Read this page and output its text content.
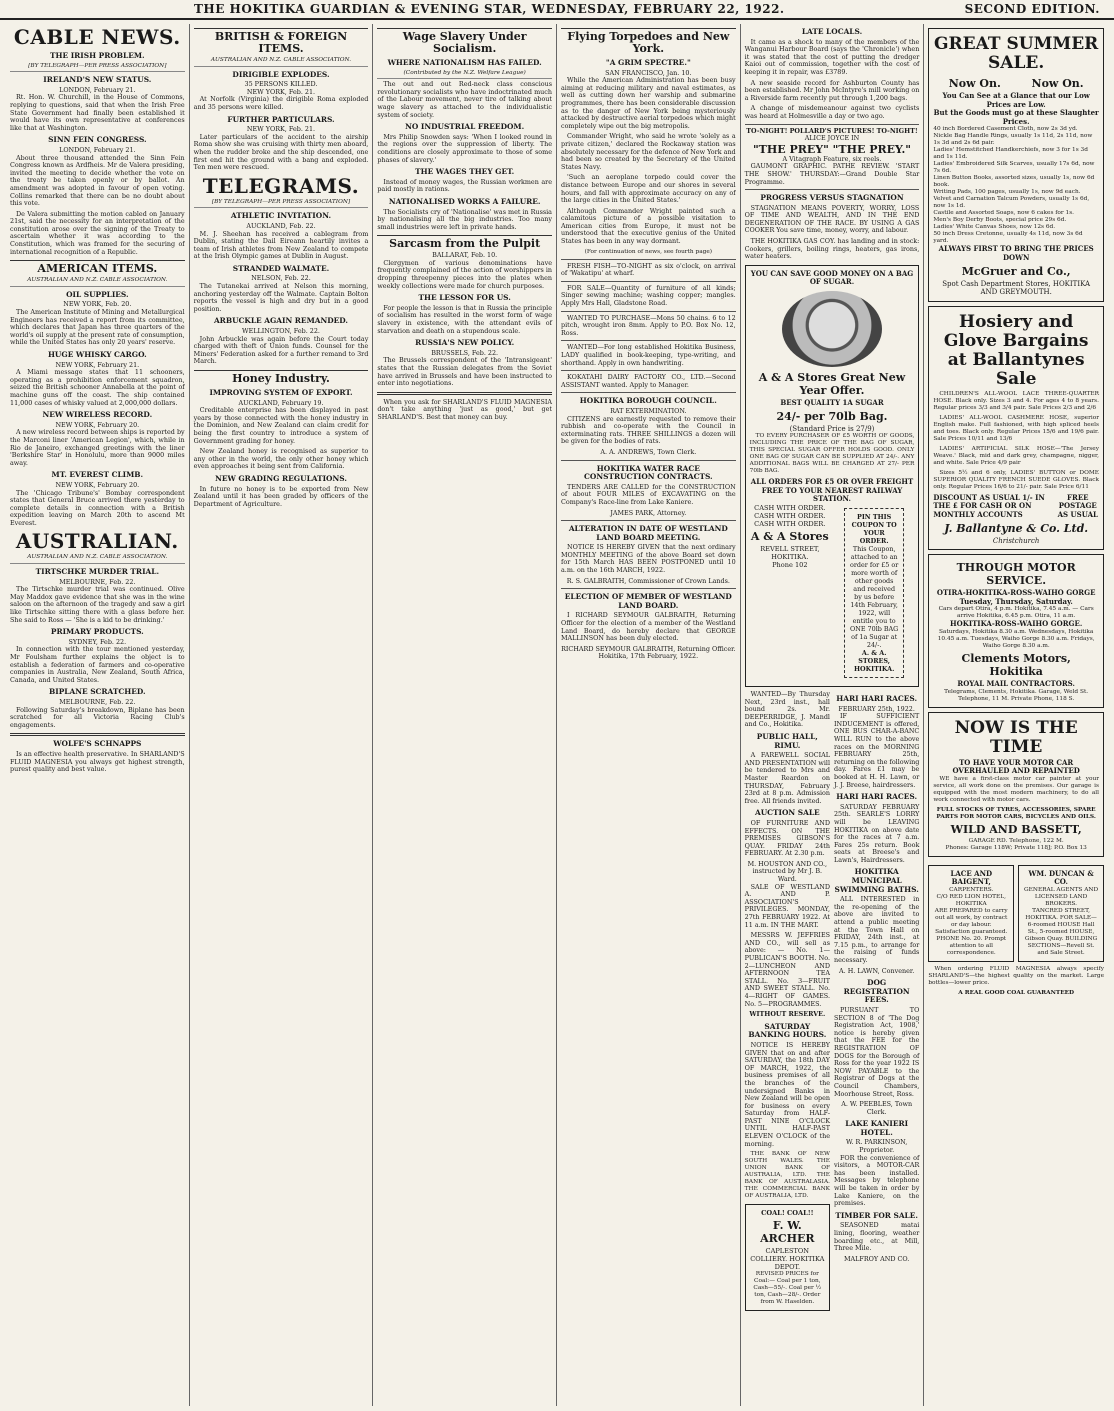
THE HOKITIKA GUARDIAN & EVENING STAR, WEDNESDAY, FEBRUARY 22, 1922.	SECOND EDITION.
CABLE NEWS.
THE IRISH PROBLEM.
[BY TELEGRAPH—PER PRESS ASSOCIATION]
IRELAND'S NEW STATUS.
LONDON, February 21.

Rt. Hon. W. Churchill, in the House of Commons, replying to questions, said that when the Irish Free State Government had finally been established it would have its own representative at conferences like that at Washington.

SINN FEIN CONGRESS.
LONDON, February 21.

About three thousand attended the Sinn Fein Congress known as Ardfheis. Mr de Valera presiding, invited the meeting to decide whether the vote on the treaty be taken openly or by ballot. An amendment was adopted in favour of open voting. Collins remarked that there can be no doubt about this vote.

De Valera submitting the motion cabled on January 21st, said the necessity for an interpretation of the constitution arose over the signing of the Treaty to ascertain whether it was according to the Constitution, which was framed for the securing of international recognition of a Republic.

AMERICAN ITEMS.
AUSTRALIAN AND N.Z. CABLE ASSOCIATION.
OIL SUPPLIES.
NEW YORK, Feb. 20.

The American Institute of Mining and Metallurgical Engineers has received a report from its committee, which declares that Japan has three quarters of the world's oil supply at the present rate of consumption, while the United States has only 20 years' reserve.

HUGE WHISKY CARGO.
NEW YORK, February 21.

A Miami message states that 11 schooners, operating as a prohibition enforcement squadron, seized the British schooner Annabella at the point of machine guns off the coast. The ship contained 11,000 cases of whisky valued at 2,000,000 dollars.

NEW WIRELESS RECORD.
NEW YORK, February 20.

A new wireless record between ships is reported by the Marconi liner 'American Legion', which, while in Rio de Janeiro, exchanged greetings with the liner 'Berkshire Star' in Honolulu, more than 9000 miles away.

MT. EVEREST CLIMB.
NEW YORK, February 20.

The 'Chicago Tribune's' Bombay correspondent states that General Bruce arrived there yesterday to complete details in connection with a British expedition leaving on March 20th to ascend Mt Everest.

AUSTRALIAN.
AUSTRALIAN AND N.Z. CABLE ASSOCIATION.
TIRTSCHKE MURDER TRIAL.
MELBOURNE, Feb. 22.

The Tirtschke murder trial was continued. Olive May Maddox gave evidence that she was in the wine saloon on the afternoon of the tragedy and saw a girl like Tirtschke sitting there with a glass before her. She said to Ross — 'She is a kid to be drinking.'

PRIMARY PRODUCTS.
SYDNEY, Feb. 22.

In connection with the tour mentioned yesterday, Mr Foulsham further explains the object is to establish a federation of farmers and co-operative companies in Australia, New Zealand, South Africa, Canada, and United States.

BIPLANE SCRATCHED.
MELBOURNE, Feb. 22.

Following Saturday's breakdown, Biplane has been scratched for all Victoria Racing Club's engagements.

WOLFE'S SCHNAPPS

Is an effective health preservative. In SHARLAND'S FLUID MAGNESIA you always get highest strength, purest quality and best value.

BRITISH & FOREIGN ITEMS.
AUSTRALIAN AND N.Z. CABLE ASSOCIATION.
DIRIGIBLE EXPLODES.
35 PERSONS KILLED.
NEW YORK, Feb. 21.

At Norfolk (Virginia) the dirigible Roma exploded and 35 persons were killed.

FURTHER PARTICULARS.
NEW YORK, Feb. 21.

Later particulars of the accident to the airship Roma show she was cruising with thirty men aboard, when the rudder broke and the ship descended, one first end hit the ground with a bang and exploded. Ten men were rescued.

TELEGRAMS.
[BY TELEGRAPH—PER PRESS ASSOCIATION]
ATHLETIC INVITATION.
AUCKLAND, Feb. 22.

M. J. Sheehan has received a cablegram from Dublin, stating the Dail Eireann heartily invites a team of Irish athletes from New Zealand to compete at the Irish Olympic games at Dublin in August.

STRANDED WALMATE.
NELSON, Feb. 22.

The Tutanekai arrived at Nelson this morning, anchoring yesterday off the Walmate. Captain Bolton reports the vessel is high and dry but in a good position.

ARBUCKLE AGAIN REMANDED.
WELLINGTON, Feb. 22.

John Arbuckle was again before the Court today charged with theft of Union funds. Counsel for the Miners' Federation asked for a further remand to 3rd March.

Honey Industry.
IMPROVING SYSTEM OF EXPORT.
AUCKLAND, February 19.

Creditable enterprise has been displayed in past years by those connected with the honey industry in the Dominion, and New Zealand can claim credit for being the first country to introduce a system of Government grading for honey.

New Zealand honey is recognised as superior to any other in the world, the only other honey which even approaches it being sent from California.

NEW GRADING REGULATIONS.

In future no honey is to be exported from New Zealand until it has been graded by officers of the Department of Agriculture.

Wage Slavery Under Socialism.
WHERE NATIONALISM HAS FAILED.
(Contributed by the N.Z. Welfare League)

The out and out Red-neck class conscious revolutionary socialists who have indoctrinated much of the Labour movement, never tire of talking about wage slavery as attached to the individualistic system of society.

NO INDUSTRIAL FREEDOM.

Mrs Philip Snowden says: 'When I looked round in the regions over the suppression of liberty. The conditions are closely approximate to those of some phases of slavery.'

THE WAGES THEY GET.

Instead of money wages, the Russian workmen are paid mostly in rations.

NATIONALISED WORKS A FAILURE.

The Socialists cry of 'Nationalise' was met in Russia by nationalising all the big industries. Too many small industries were left in private hands.

Sarcasm from the Pulpit
BALLARAT, Feb. 10.

Clergymen of various denominations have frequently complained of the action of worshippers in dropping threepenny pieces into the plates when weekly collections were made for church purposes.

THE LESSON FOR US.

For people the lesson is that in Russia the principle of socialism has resulted in the worst form of wage slavery in existence, with the attendant evils of starvation and death on a stupendous scale.

RUSSIA'S NEW POLICY.
BRUSSELS, Feb. 22.

The Brussels correspondent of the 'Intransigeant' states that the Russian delegates from the Soviet have arrived in Brussels and have been instructed to enter into negotiations.

When you ask for SHARLAND'S FLUID MAGNESIA don't take anything 'just as good,' but get SHARLAND'S. Best that money can buy.

Flying Torpedoes and New York.
"A GRIM SPECTRE."
SAN FRANCISCO, Jan. 10.

While the American Administration has been busy aiming at reducing military and naval estimates, as well as cutting down her warship and submarine programmes, there has been considerable discussion as to the danger of New York being mysteriously attacked by destructive aerial torpedoes which might completely wipe out the big metropolis.

Commander Wright, who said he wrote 'solely as a private citizen,' declared the Rockaway station was absolutely necessary for the defence of New York and had been so created by the Secretary of the United States Navy.

'Such an aeroplane torpedo could cover the distance between Europe and our shores in several hours, and fall with approximate accuracy on any of the large cities in the United States.'

Although Commander Wright painted such a calamitous picture of a possible visitation to American cities from Europe, it must not be understood that the executive genius of the United States has been in any way dormant.

(For continuation of news, see fourth page)

FRESH FISH—TO-NIGHT as six o'clock, on arrival of 'Wakatipu' at wharf.

FOR SALE—Quantity of furniture of all kinds; Singer sewing machine; washing copper; mangles. Apply Mrs Hall, Gladstone Road.

WANTED TO PURCHASE—Mons 50 chains. 6 to 12 pitch, wrought iron 8mm. Apply to P.O. Box No. 12, Ross.

WANTED—For long established Hokitika Business, LADY qualified in book-keeping, type-writing, and shorthand. Apply in own handwriting.

KOKATAHI DAIRY FACTORY CO., LTD.—Second ASSISTANT wanted. Apply to Manager.

HOKITIKA BOROUGH COUNCIL.
RAT EXTERMINATION.

CITIZENS are earnestly requested to remove their rubbish and co-operate with the Council in exterminating rats. THREE SHILLINGS a dozen will be given for the bodies of rats.

A. A. ANDREWS, Town Clerk.
HOKITIKA WATER RACE CONSTRUCTION CONTRACTS.

TENDERS ARE CALLED for the CONSTRUCTION of about FOUR MILES of EXCAVATING on the Company's Race-line from Lake Kaniere.

JAMES PARK, Attorney.
ALTERATION IN DATE OF WESTLAND LAND BOARD MEETING.

NOTICE IS HEREBY GIVEN that the next ordinary MONTHLY MEETING of the above Board set down for 15th March HAS BEEN POSTPONED until 10 a.m. on the 16th MARCH, 1922.

R. S. GALBRAITH, Commissioner of Crown Lands.
ELECTION OF MEMBER OF WESTLAND LAND BOARD.

I RICHARD SEYMOUR GALBRAITH, Returning Officer for the election of a member of the Westland Land Board, do hereby declare that GEORGE MALLINSON has been duly elected.

RICHARD SEYMOUR GALBRAITH, Returning Officer. Hokitika, 17th February, 1922.
LATE LOCALS.

It came as a shock to many of the members of the Wanganui Harbour Board (says the 'Chronicle') when it was stated that the cost of putting the dredger Kaioi out of commission, together with the cost of keeping it in repair, was £3789.

A new seaside record for Ashburton County has been established. Mr John McIntyre's mill working on a Riverside farm recently put through 1,200 bags.

A change of misdemeanour against two cyclists was heard at Holmesville a day or two ago.

TO-NIGHT! POLLARD'S PICTURES! TO-NIGHT!
ALICE JOYCE IN
"THE PREY" "THE PREY."
A Vitagraph Feature, six reels.

GAUMONT GRAPHIC. PATHE REVIEW. 'START THE SHOW.' THURSDAY:—Grand Double Star Programme.

PROGRESS VERSUS STAGNATION

STAGNATION MEANS POVERTY, WORRY, LOSS OF TIME AND WEALTH, AND IN THE END DEGENERATION OF THE RACE. BY USING A GAS COOKER You save time, money, worry, and labour.

THE HOKITIKA GAS COY. has landing and in stock: Cookers, grillers, boiling rings, heaters, gas irons, water heaters.

YOU CAN SAVE GOOD MONEY ON A BAG OF SUGAR.
A & A Stores Great New Year Offer.
BEST QUALITY 1A SUGAR
24/- per 70lb Bag.
(Standard Price is 27/9)

TO EVERY PURCHASER OF £5 WORTH OF GOODS, INCLUDING THE PRICE OF THE BAG OF SUGAR, THIS SPECIAL SUGAR OFFER HOLDS GOOD. ONLY ONE BAG OF SUGAR CAN BE SUPPLIED AT 24/-. ANY ADDITIONAL BAGS WILL BE CHARGED AT 27/- PER 70lb BAG.

ALL ORDERS FOR £5 OR OVER FREIGHT FREE TO YOUR NEAREST RAILWAY STATION.
CASH WITH ORDER.
CASH WITH ORDER.
CASH WITH ORDER.
A & A Stores
REVELL STREET, HOKITIKA.
Phone 102
PIN THIS COUPON TO YOUR ORDER.
This Coupon, attached to an order for £5 or more worth of other goods and received by us before 14th February, 1922, will entitle you to ONE 70lb BAG of 1a Sugar at 24/-.
A. & A. STORES, HOKITIKA.

WANTED—By Thursday Next, 23rd inst., hall bound 2s. Mr. DEEPERRIDGE, J. Mandl and Co., Hokitika.

PUBLIC HALL, RIMU.

A FAREWELL SOCIAL AND PRESENTATION will be tendered to Mrs and Master Reardon on THURSDAY, February 23rd at 8 p.m. Admission free. All friends invited.

AUCTION SALE

OF FURNITURE AND EFFECTS. ON THE PREMISES GIBSON'S QUAY. FRIDAY 24th FEBRUARY. At 2.30 p.m.

M. HOUSTON AND CO., instructed by Mr J. B. Ward.

SALE OF WESTLAND A. AND P. ASSOCIATION'S PRIVILEGES. MONDAY, 27th FEBRUARY 1922. At 11 a.m. IN THE MART.

MESSRS W. JEFFRIES AND CO., will sell as above: — No. 1—PUBLICAN'S BOOTH. No. 2—LUNCHEON AND AFTERNOON TEA STALL. No. 3—FRUIT AND SWEET STALL. No. 4—RIGHT OF GAMES. No. 5—PROGRAMMES.

WITHOUT RESERVE.
SATURDAY BANKING HOURS.

NOTICE IS HEREBY GIVEN that on and after SATURDAY, the 18th DAY OF MARCH, 1922, the business premises of all the branches of the undersigned Banks in New Zealand will be open for business on every Saturday from HALF-PAST NINE O'CLOCK UNTIL HALF-PAST ELEVEN O'CLOCK of the morning.

THE BANK OF NEW SOUTH WALES. THE UNION BANK OF AUSTRALIA, LTD. THE BANK OF AUSTRALASIA. THE COMMERCIAL BANK OF AUSTRALIA, LTD.

COAL! COAL!!
F. W. ARCHER
CAPLESTON COLLIERY. HOKITIKA DEPOT.
REVISED PRICES for Coal:— Coal per 1 ton, Cash—55/-. Coal per ½ ton, Cash—28/-. Order from W. Haselden.
HARI HARI RACES.
FEBRUARY 25th, 1922.

IF SUFFICIENT INDUCEMENT is offered, ONE BUS CHAR-A-BANC WILL RUN to the above races on the MORNING FEBRUARY 25th, returning on the following day. Fares £1 may be booked at H. H. Lawn, or J. J. Breese, hairdressers.

HARI HARI RACES.

SATURDAY FEBRUARY 25th. SEARLE'S LORRY will be LEAVING HOKITIKA on above date for the races at 7 a.m. Fares 25s return. Book seats at Breese's and Lawn's, Hairdressers.

HOKITIKA MUNICIPAL SWIMMING BATHS.

ALL INTERESTED in the re-opening of the above are invited to attend a public meeting at the Town Hall on FRIDAY, 24th inst., at 7.15 p.m., to arrange for the raising of funds necessary.

A. H. LAWN, Convener.
DOG REGISTRATION FEES.

PURSUANT TO SECTION 8 of 'The Dog Registration Act, 1908,' notice is hereby given that the FEE for the REGISTRATION OF DOGS for the Borough of Ross for the year 1922 IS NOW PAYABLE to the Registrar of Dogs at the Council Chambers, Moorhouse Street, Ross.

A. W. PEEBLES, Town Clerk.
LAKE KANIERI HOTEL.
W. R. PARKINSON, Proprietor.

FOR the convenience of visitors, a MOTOR-CAR has been installed. Messages by telephone will be taken in order by Lake Kaniere, on the premises.

TIMBER FOR SALE.

SEASONED matai lining, flooring, weather boarding etc., at Mill, Three Mile.

MALFROY AND CO.
GREAT SUMMER SALE.
Now On.	Now On.
You Can See at a Glance that our Low Prices are Low.
But the Goods must go at these Slaughter Prices.
40 inch Bordered Casement Cloth, now 2s 3d yd.
Nickle Bag Handle Rings, usually 1s 11d, 2s 11d, now 1s 3d and 2s 6d pair.
Ladies' Hemstitched Handkerchiefs, now 3 for 1s 3d and 1s 11d.
Ladies' Embroidered Silk Scarves, usually 17s 6d, now 7s 6d.
Linen Button Books, assorted sizes, usually 1s, now 6d book.
Writing Pads, 100 pages, usually 1s, now 9d each.
Velvet and Carnation Talcum Powders, usually 1s 6d, now 1s 1d.
Castile and Assorted Soaps, now 6 cakes for 1s.
Men's Boy Derby Boots, special price 29s 6d.
Ladies' White Canvas Shoes, now 12s 6d.
50 inch Dress Cretonne, usually 4s 11d, now 3s 6d yard.
ALWAYS FIRST TO BRING THE PRICES DOWN
McGruer and Co.,
Spot Cash Department Stores, HOKITIKA AND GREYMOUTH.
Hosiery and Glove Bargains at Ballantynes Sale

CHILDREN'S ALL-WOOL LACE THREE-QUARTER HOSE. Black only. Sizes 3 and 4. For ages 4 to 8 years. Regular prices 3/3 and 3/4 pair. Sale Prices 2/3 and 2/6

LADIES' ALL-WOOL CASHMERE HOSE, superior English make. Full fashioned, with high spliced heels and toes. Black only. Regular Prices 15/6 and 19/6 pair. Sale Prices 10/11 and 13/6

LADIES' ARTIFICIAL SILK HOSE—'The Jersey Weave.' Black, mid and dark grey, champagne, nigger, and white. Sale Price 4/9 pair

Sizes 5½ and 6 only, LADIES' BUTTON or DOME SUPERIOR QUALITY FRENCH SUEDE GLOVES. Black only. Regular Prices 16/6 to 21/- pair. Sale Price 6/11

DISCOUNT AS USUAL 1/- IN THE £ FOR CASH OR ON MONTHLY ACCOUNTS
FREE POSTAGE AS USUAL
J. Ballantyne & Co. Ltd.
Christchurch
THROUGH MOTOR SERVICE.
OTIRA-HOKITIKA-ROSS-WAIHO GORGE
Tuesday, Thursday, Saturday.
Cars depart Otira, 4 p.m. Hokitika, 7.45 a.m. — Cars arrive Hokitika, 6.45 p.m. Otira, 11 a.m.
HOKITIKA-ROSS-WAIHO GORGE.
Saturdays, Hokitika 8.30 a.m. Wednesdays, Hokitika 10.45 a.m. Tuesdays, Waiho Gorge 8.30 a.m. Fridays, Waiho Gorge 8.30 a.m.
Clements Motors, Hokitika
ROYAL MAIL CONTRACTORS.
Telegrams, Clements, Hokitika. Garage, Weld St. Telephone, 11 M. Private Phone, 118 S.
NOW IS THE TIME
TO HAVE YOUR MOTOR CAR OVERHAULED AND REPAINTED

WE have a first-class motor car painter at your service, all work done on the premises. Our garage is equipped with the most modern machinery, to do all work connected with motor cars.

FULL STOCKS OF TYRES, ACCESSORIES, SPARE PARTS FOR MOTOR CARS, BICYCLES AND OILS.
WILD AND BASSETT,
GARAGE RD. Telephone, 122 M.
Phones: Garage 118W; Private 118J; P.O. Box 13
LACE AND BAIGENT,
CARPENTERS.
C/O RED LION HOTEL, HOKITIKA
ARE PREPARED to carry out all work, by contract or day labour. Satisfaction guaranteed. PHONE No. 20. Prompt attention to all correspondence.
WM. DUNCAN & CO.
GENERAL AGENTS AND LICENSED LAND BROKERS.
TANCRED STREET, HOKITIKA. FOR SALE—6-roomed HOUSE Hall St., 5-roomed HOUSE, Gibson Quay. BUILDING SECTIONS—Revell St. and Sale Street.

When ordering FLUID MAGNESIA always specify SHARLAND'S—the highest quality on the market. Large bottles—lower price.

A REAL GOOD COAL GUARANTEED
